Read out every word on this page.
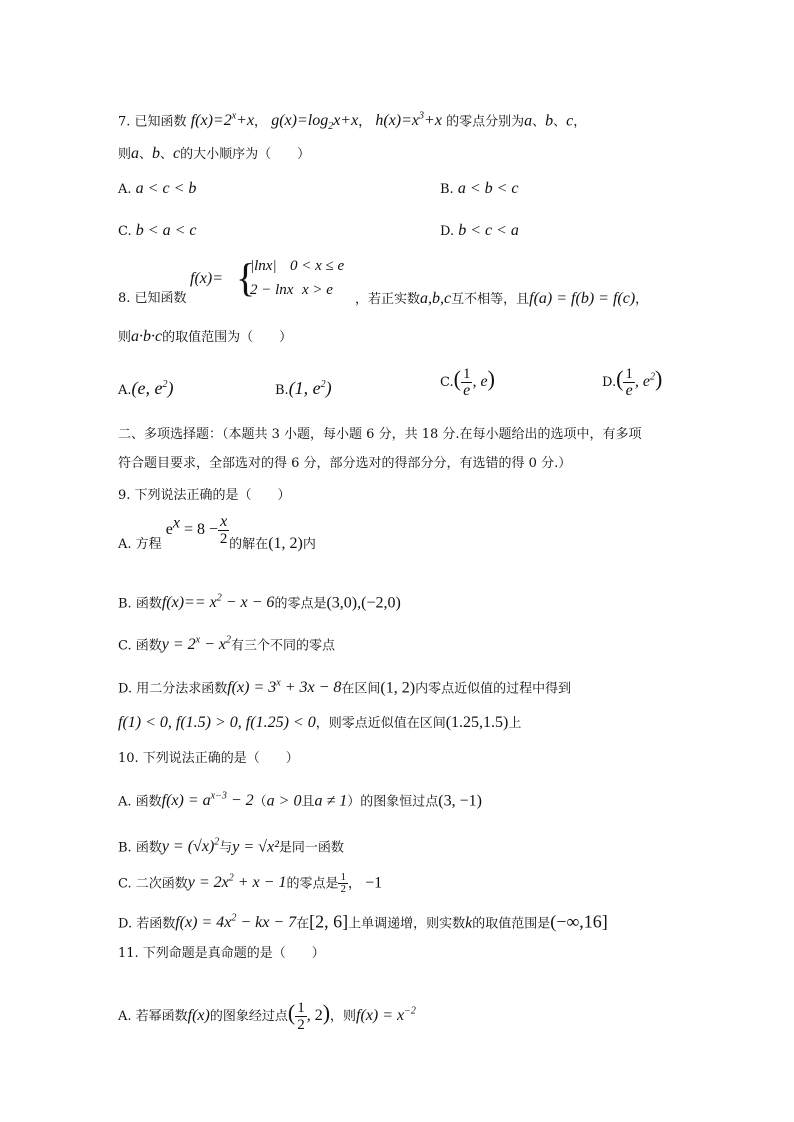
7. 已知函数 $f(x)=2^x+x$， $g(x)=\log_2x+x$， $h(x)=x^3+x$ 的零点分别为a、b、c，
则a、b、c的大小顺序为（　　）
A. a < c < b	B. a < b < c
C. b < a < c	D. b < c < a
8. 已知函数
f(x)= {
|lnx| 0 < x ≤ e
2 − lnx x > e
，若正实数a,b,c互不相等，且f(a) = f(b) = f(c)，
则a·b·c的取值范围为（　　）
A.(e, $e^2$)	B.(1, $e^2$)	$C.( \frac{1}{e}$ , e)	$D.( \frac{1}{e}$ , $e^2$)
二、多项选择题：（本题共 3 小题，每小题 6 分，共 18 分.在每小题给出的选项中，有多项
符合题目要求，全部选对的得 6 分，部分选对的得部分分，有选错的得 0 分.）
9. 下列说法正确的是（　　）
A. 方程 $e^x = 8 - \frac{x}{2}$ 的解在(1, 2)内
B. 函数$f(x)== x^2 - x - 6$的零点是(3,0),(−2,0)
C. 函数$y = 2^x - x^2$有三个不同的零点
D. 用二分法求函数$f(x) = 3^x + 3x - 8$在区间(1, 2)内零点近似值的过程中得到
f(1) < 0, f(1.5) > 0, f(1.25) < 0，则零点近似值在区间(1.25,1.5)上
10. 下列说法正确的是（　　）
A. 函数$f(x) = a^{x-3} - 2(a > 0$且a ≠ 1）的图象恒过点(3, −1)
B. 函数$y = (√x)^2$与y = √x²是同一函数
C. 二次函数$y = 2x^2 + x - 1$的零点是 $\frac{1}{2}$ ， −1
D. 若函数$f(x) = 4x^2$ − kx − 7在[2, 6]上单调递增，则实数k的取值范围是(−∞,16]
11. 下列命题是真命题的是（　　）
A. 若幂函数f(x)的图象经过点( $\frac{1}{2}$ , 2)，则$f(x) = x^{-2}$
